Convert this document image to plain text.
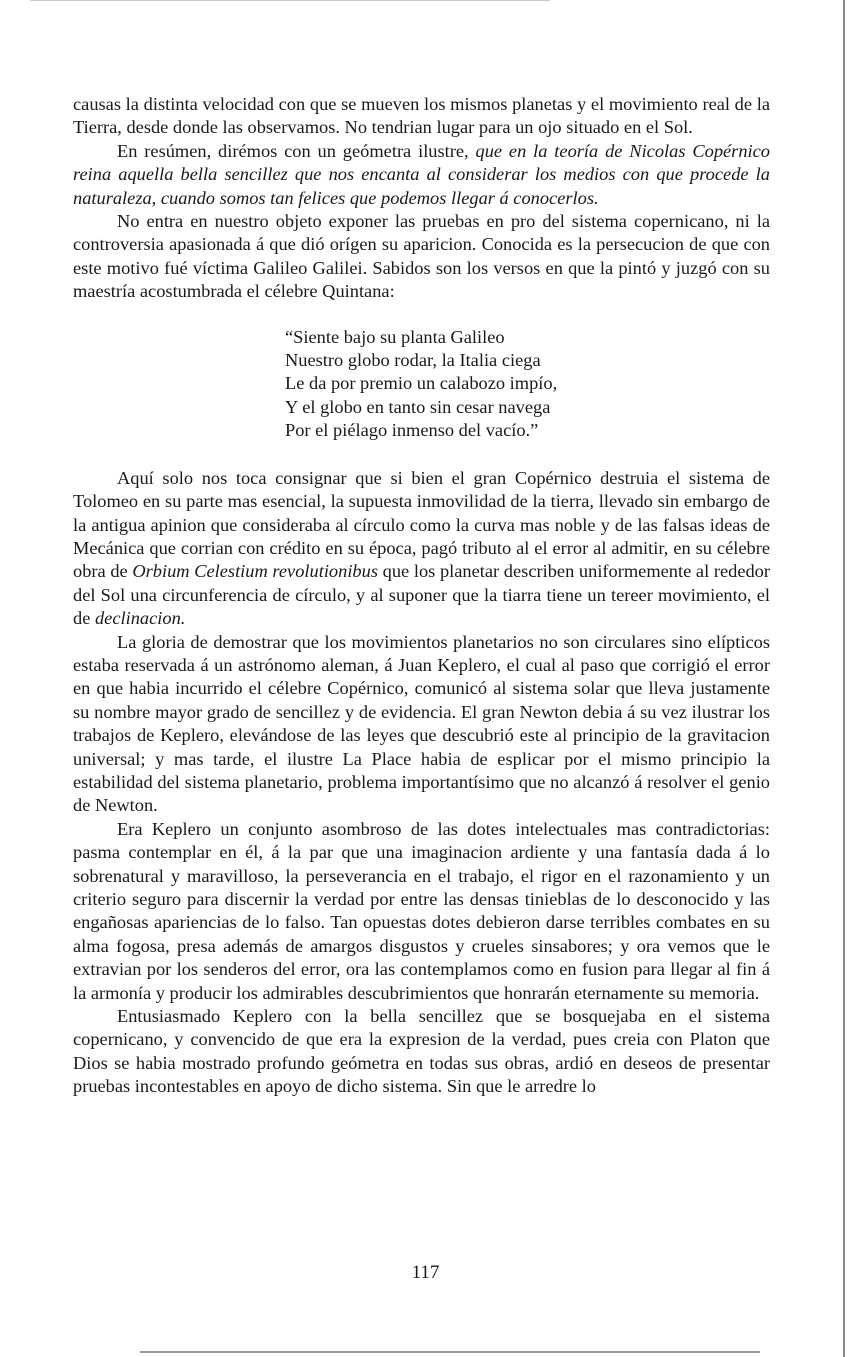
causas la distinta velocidad con que se mueven los mismos planetas y el movimiento real de la Tierra, desde donde las observamos. No tendrian lugar para un ojo situado en el Sol.

En resúmen, dirémos con un geómetra ilustre, que en la teoría de Nicolas Copérnico reina aquella bella sencillez que nos encanta al considerar los medios con que procede la naturaleza, cuando somos tan felices que podemos llegar á conocerlos.

No entra en nuestro objeto exponer las pruebas en pro del sistema copernicano, ni la controversia apasionada á que dió orígen su aparicion. Conocida es la persecucion de que con este motivo fué víctima Galileo Galilei. Sabidos son los versos en que la pintó y juzgó con su maestría acostumbrada el célebre Quintana:

“Siente bajo su planta Galileo
Nuestro globo rodar, la Italia ciega
Le da por premio un calabozo impío,
Y el globo en tanto sin cesar navega
Por el piélago inmenso del vacío.”

Aquí solo nos toca consignar que si bien el gran Copérnico destruia el sistema de Tolomeo en su parte mas esencial, la supuesta inmovilidad de la tierra, llevado sin embargo de la antigua apinion que consideraba al círculo como la curva mas noble y de las falsas ideas de Mecánica que corrian con crédito en su época, pagó tributo al el error al admitir, en su célebre obra de Orbium Celestium revolutionibus que los planetar describen uniformemente al rededor del Sol una circunferencia de círculo, y al suponer que la tiarra tiene un tereer movimiento, el de declinacion.

La gloria de demostrar que los movimientos planetarios no son circulares sino elípticos estaba reservada á un astrónomo aleman, á Juan Keplero, el cual al paso que corrigió el error en que habia incurrido el célebre Copérnico, comunicó al sistema solar que lleva justamente su nombre mayor grado de sencillez y de evidencia. El gran Newton debia á su vez ilustrar los trabajos de Keplero, elevándose de las leyes que descubrió este al principio de la gravitacion universal; y mas tarde, el ilustre La Place habia de esplicar por el mismo principio la estabilidad del sistema planetario, problema importantísimo que no alcanzó á resolver el genio de Newton.

Era Keplero un conjunto asombroso de las dotes intelectuales mas contradictorias: pasma contemplar en él, á la par que una imaginacion ardiente y una fantasía dada á lo sobrenatural y maravilloso, la perseverancia en el trabajo, el rigor en el razonamiento y un criterio seguro para discernir la verdad por entre las densas tinieblas de lo desconocido y las engañosas apariencias de lo falso. Tan opuestas dotes debieron darse terribles combates en su alma fogosa, presa además de amargos disgustos y crueles sinsabores; y ora vemos que le extravian por los senderos del error, ora las contemplamos como en fusion para llegar al fin á la armonía y producir los admirables descubrimientos que honrarán eternamente su memoria.

Entusiasmado Keplero con la bella sencillez que se bosquejaba en el sistema copernicano, y convencido de que era la expresion de la verdad, pues creia con Platon que Dios se habia mostrado profundo geómetra en todas sus obras, ardió en deseos de presentar pruebas incontestables en apoyo de dicho sistema. Sin que le arredre lo

117
